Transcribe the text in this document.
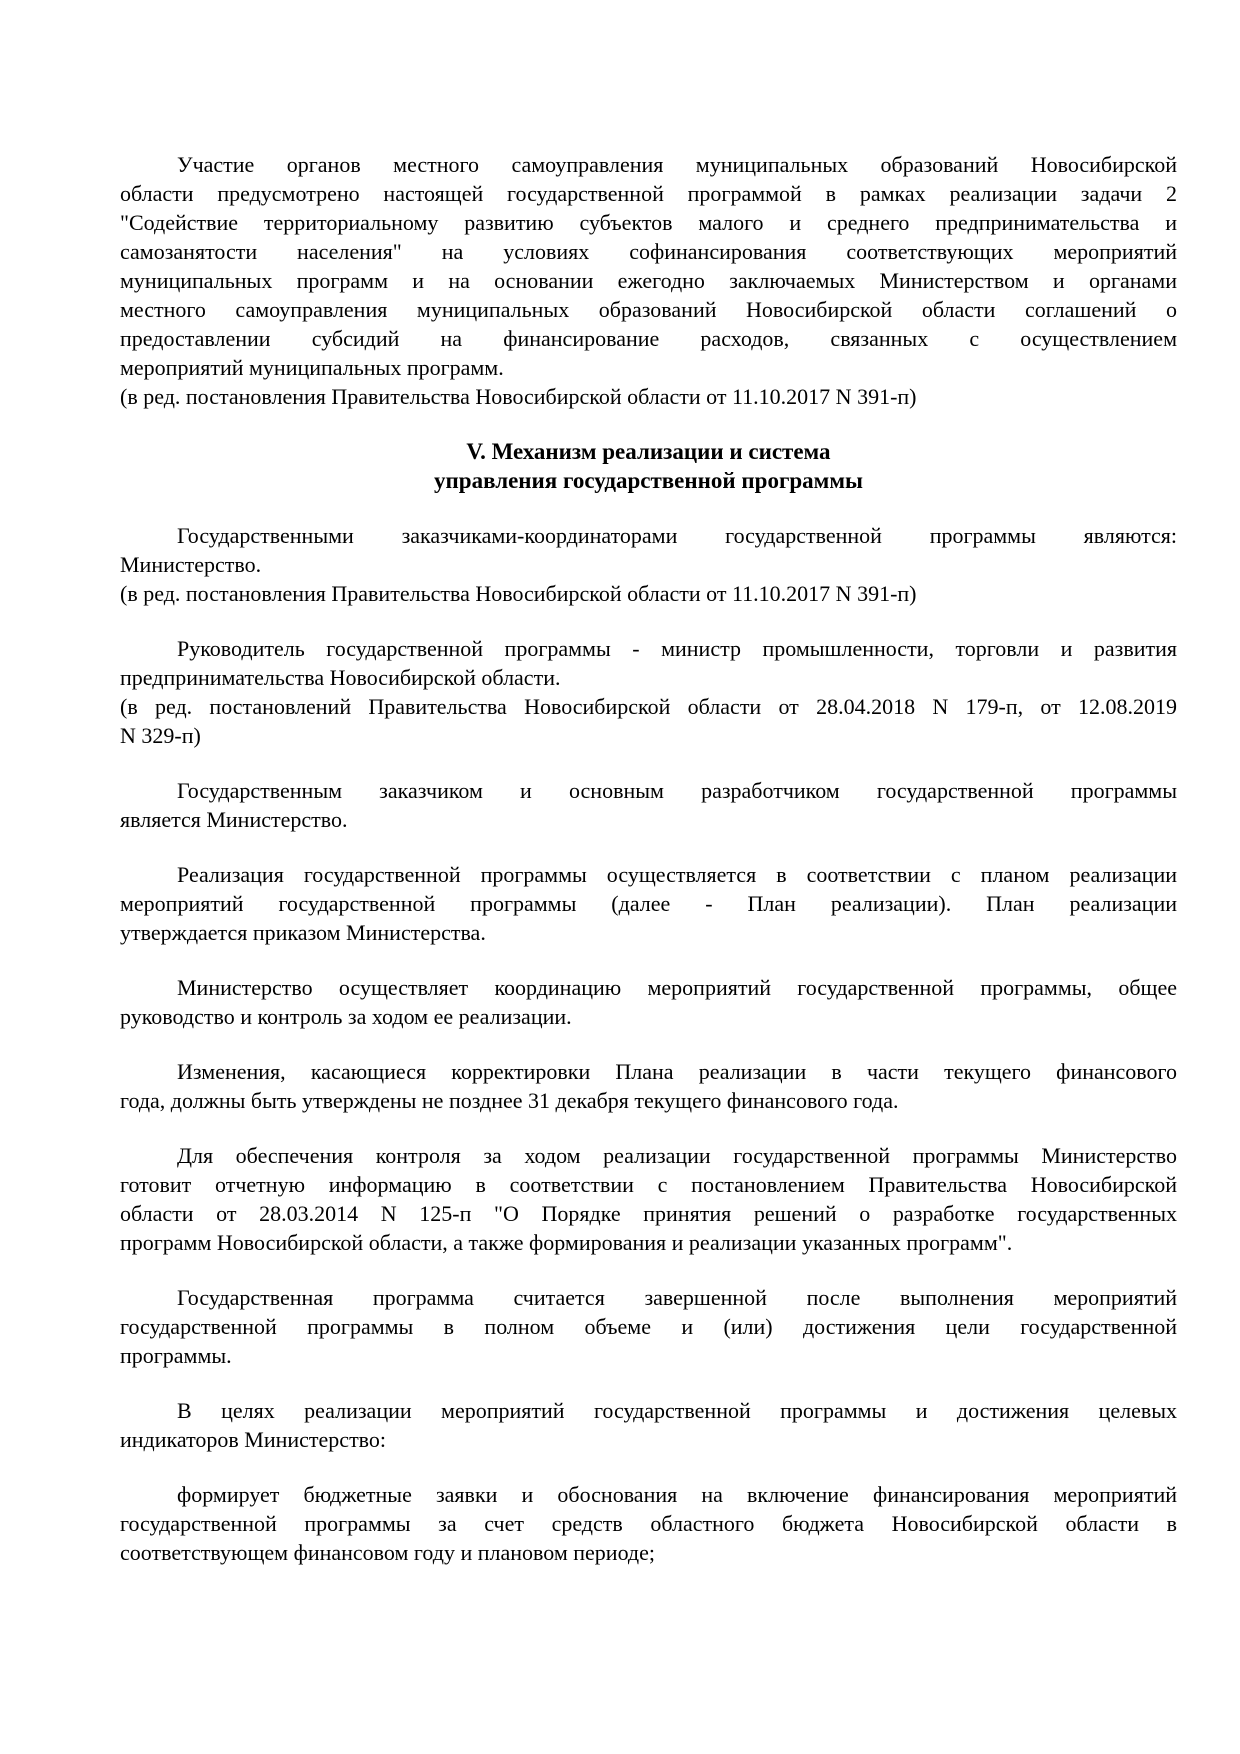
Участие органов местного самоуправления муниципальных образований Новосибирской
области предусмотрено настоящей государственной программой в рамках реализации задачи 2
"Содействие территориальному развитию субъектов малого и среднего предпринимательства и
самозанятости населения" на условиях софинансирования соответствующих мероприятий
муниципальных программ и на основании ежегодно заключаемых Министерством и органами
местного самоуправления муниципальных образований Новосибирской области соглашений о
предоставлении субсидий на финансирование расходов, связанных с осуществлением
мероприятий муниципальных программ.
(в ред. постановления Правительства Новосибирской области от 11.10.2017 N 391-п)
V. Механизм реализации и система
управления государственной программы
Государственными заказчиками-координаторами государственной программы являются:
Министерство.
(в ред. постановления Правительства Новосибирской области от 11.10.2017 N 391-п)
Руководитель государственной программы - министр промышленности, торговли и развития
предпринимательства Новосибирской области.
(в ред. постановлений Правительства Новосибирской области от 28.04.2018 N 179-п, от 12.08.2019
N 329-п)
Государственным заказчиком и основным разработчиком государственной программы
является Министерство.
Реализация государственной программы осуществляется в соответствии с планом реализации
мероприятий государственной программы (далее - План реализации). План реализации
утверждается приказом Министерства.
Министерство осуществляет координацию мероприятий государственной программы, общее
руководство и контроль за ходом ее реализации.
Изменения, касающиеся корректировки Плана реализации в части текущего финансового
года, должны быть утверждены не позднее 31 декабря текущего финансового года.
Для обеспечения контроля за ходом реализации государственной программы Министерство
готовит отчетную информацию в соответствии с постановлением Правительства Новосибирской
области от 28.03.2014 N 125-п "О Порядке принятия решений о разработке государственных
программ Новосибирской области, а также формирования и реализации указанных программ".
Государственная программа считается завершенной после выполнения мероприятий
государственной программы в полном объеме и (или) достижения цели государственной
программы.
В целях реализации мероприятий государственной программы и достижения целевых
индикаторов Министерство:
формирует бюджетные заявки и обоснования на включение финансирования мероприятий
государственной программы за счет средств областного бюджета Новосибирской области в
соответствующем финансовом году и плановом периоде;
